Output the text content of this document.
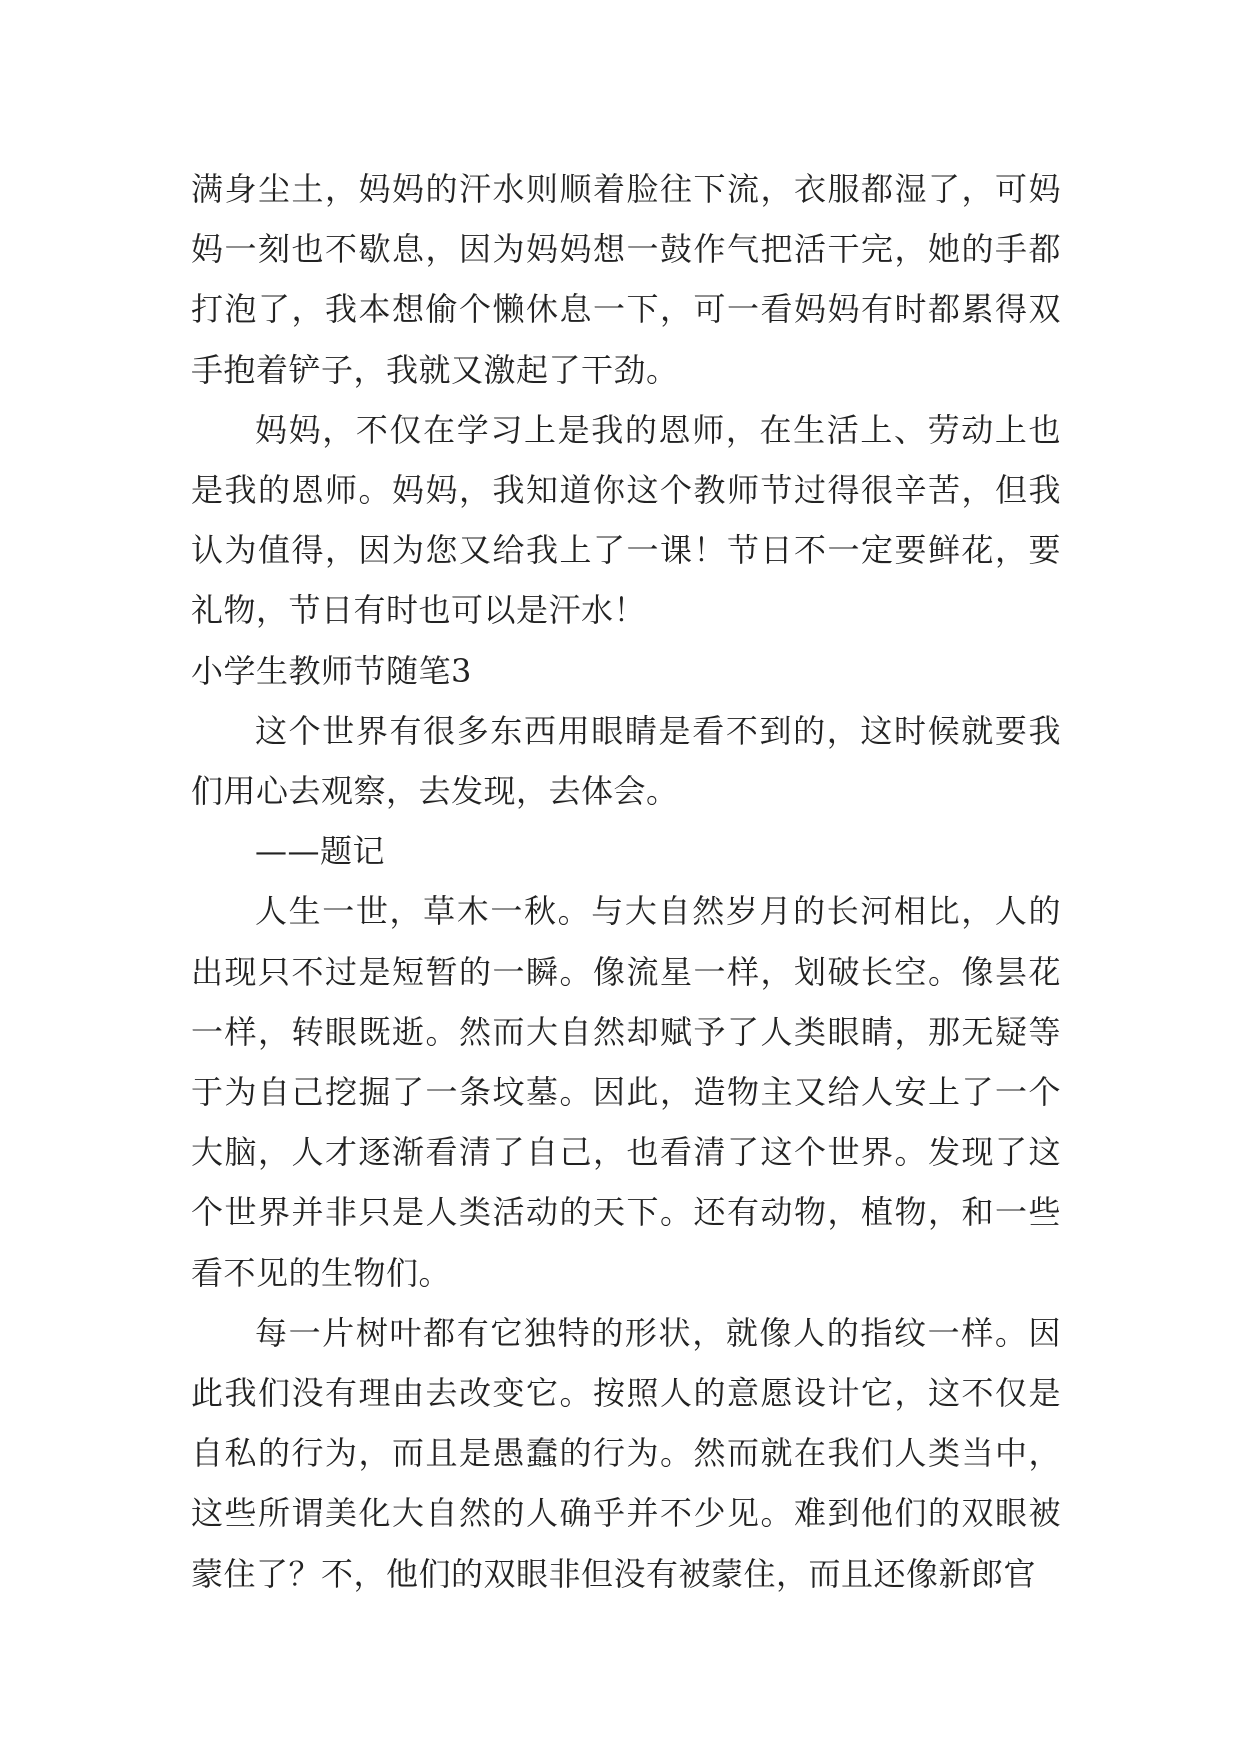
满身尘土，妈妈的汗水则顺着脸往下流，衣服都湿了，可妈妈一刻也不歇息，因为妈妈想一鼓作气把活干完，她的手都打泡了，我本想偷个懒休息一下，可一看妈妈有时都累得双手抱着铲子，我就又激起了干劲。

妈妈，不仅在学习上是我的恩师，在生活上、劳动上也是我的恩师。妈妈，我知道你这个教师节过得很辛苦，但我认为值得，因为您又给我上了一课！节日不一定要鲜花，要礼物，节日有时也可以是汗水！

小学生教师节随笔3

这个世界有很多东西用眼睛是看不到的，这时候就要我们用心去观察，去发现，去体会。

——题记

人生一世，草木一秋。与大自然岁月的长河相比，人的出现只不过是短暂的一瞬。像流星一样，划破长空。像昙花一样，转眼既逝。然而大自然却赋予了人类眼睛，那无疑等于为自己挖掘了一条坟墓。因此，造物主又给人安上了一个大脑，人才逐渐看清了自己，也看清了这个世界。发现了这个世界并非只是人类活动的天下。还有动物，植物，和一些看不见的生物们。

每一片树叶都有它独特的形状，就像人的指纹一样。因此我们没有理由去改变它。按照人的意愿设计它，这不仅是自私的行为，而且是愚蠢的行为。然而就在我们人类当中，这些所谓美化大自然的人确乎并不少见。难到他们的双眼被蒙住了？不，他们的双眼非但没有被蒙住，而且还像新郎官
